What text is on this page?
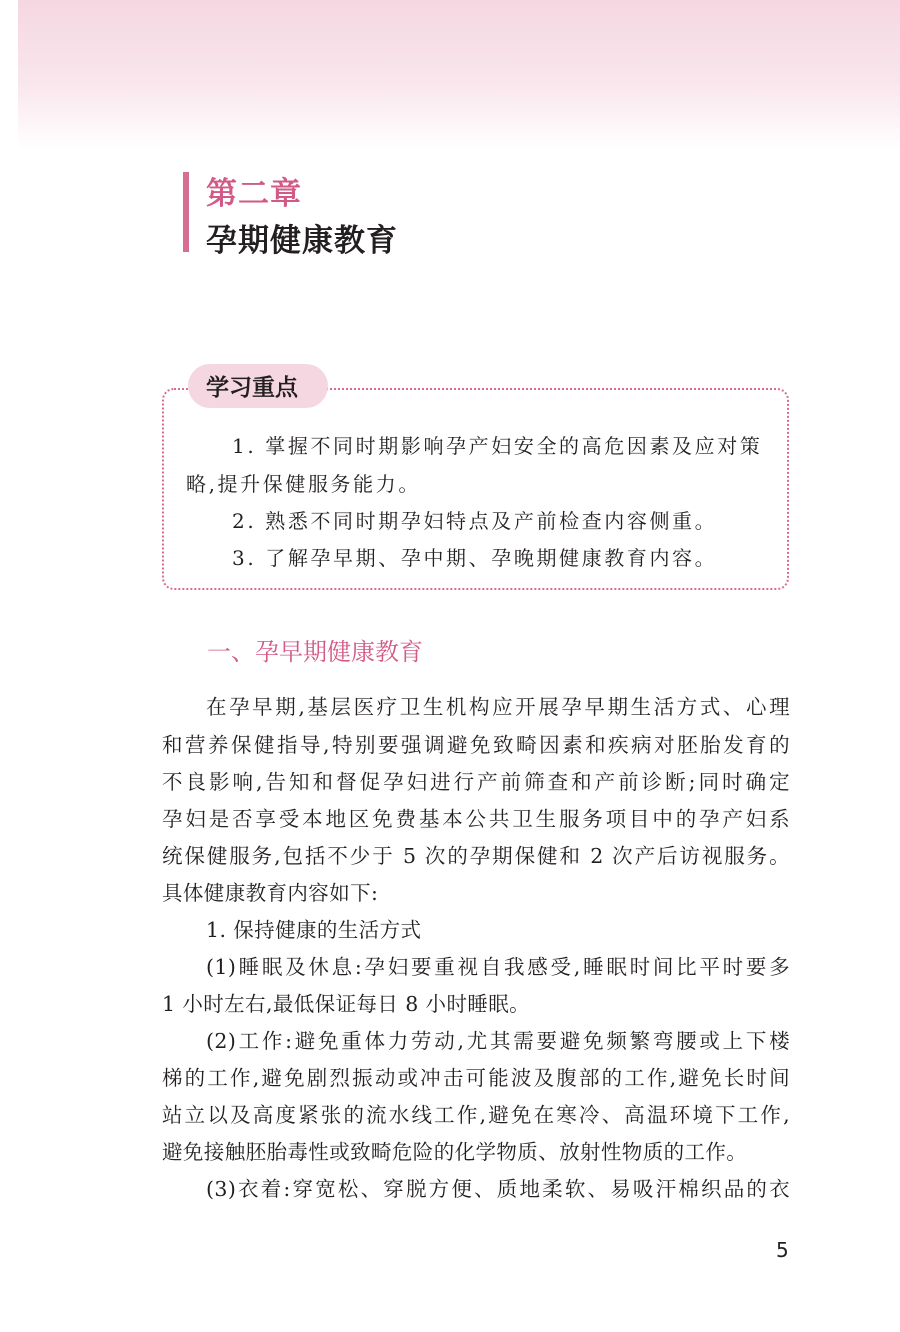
第二章
孕期健康教育
学习重点
1. 掌握不同时期影响孕产妇安全的高危因素及应对策
略,提升保健服务能力。
2. 熟悉不同时期孕妇特点及产前检查内容侧重。
3. 了解孕早期、孕中期、孕晚期健康教育内容。
一、孕早期健康教育
在孕早期,基层医疗卫生机构应开展孕早期生活方式、心理
和营养保健指导,特别要强调避免致畸因素和疾病对胚胎发育的
不良影响,告知和督促孕妇进行产前筛查和产前诊断;同时确定
孕妇是否享受本地区免费基本公共卫生服务项目中的孕产妇系
统保健服务,包括不少于 5 次的孕期保健和 2 次产后访视服务。
具体健康教育内容如下:
1. 保持健康的生活方式
(1)睡眠及休息:孕妇要重视自我感受,睡眠时间比平时要多
1 小时左右,最低保证每日 8 小时睡眠。
(2)工作:避免重体力劳动,尤其需要避免频繁弯腰或上下楼
梯的工作,避免剧烈振动或冲击可能波及腹部的工作,避免长时间
站立以及高度紧张的流水线工作,避免在寒冷、高温环境下工作,
避免接触胚胎毒性或致畸危险的化学物质、放射性物质的工作。
(3)衣着:穿宽松、穿脱方便、质地柔软、易吸汗棉织品的衣
5
